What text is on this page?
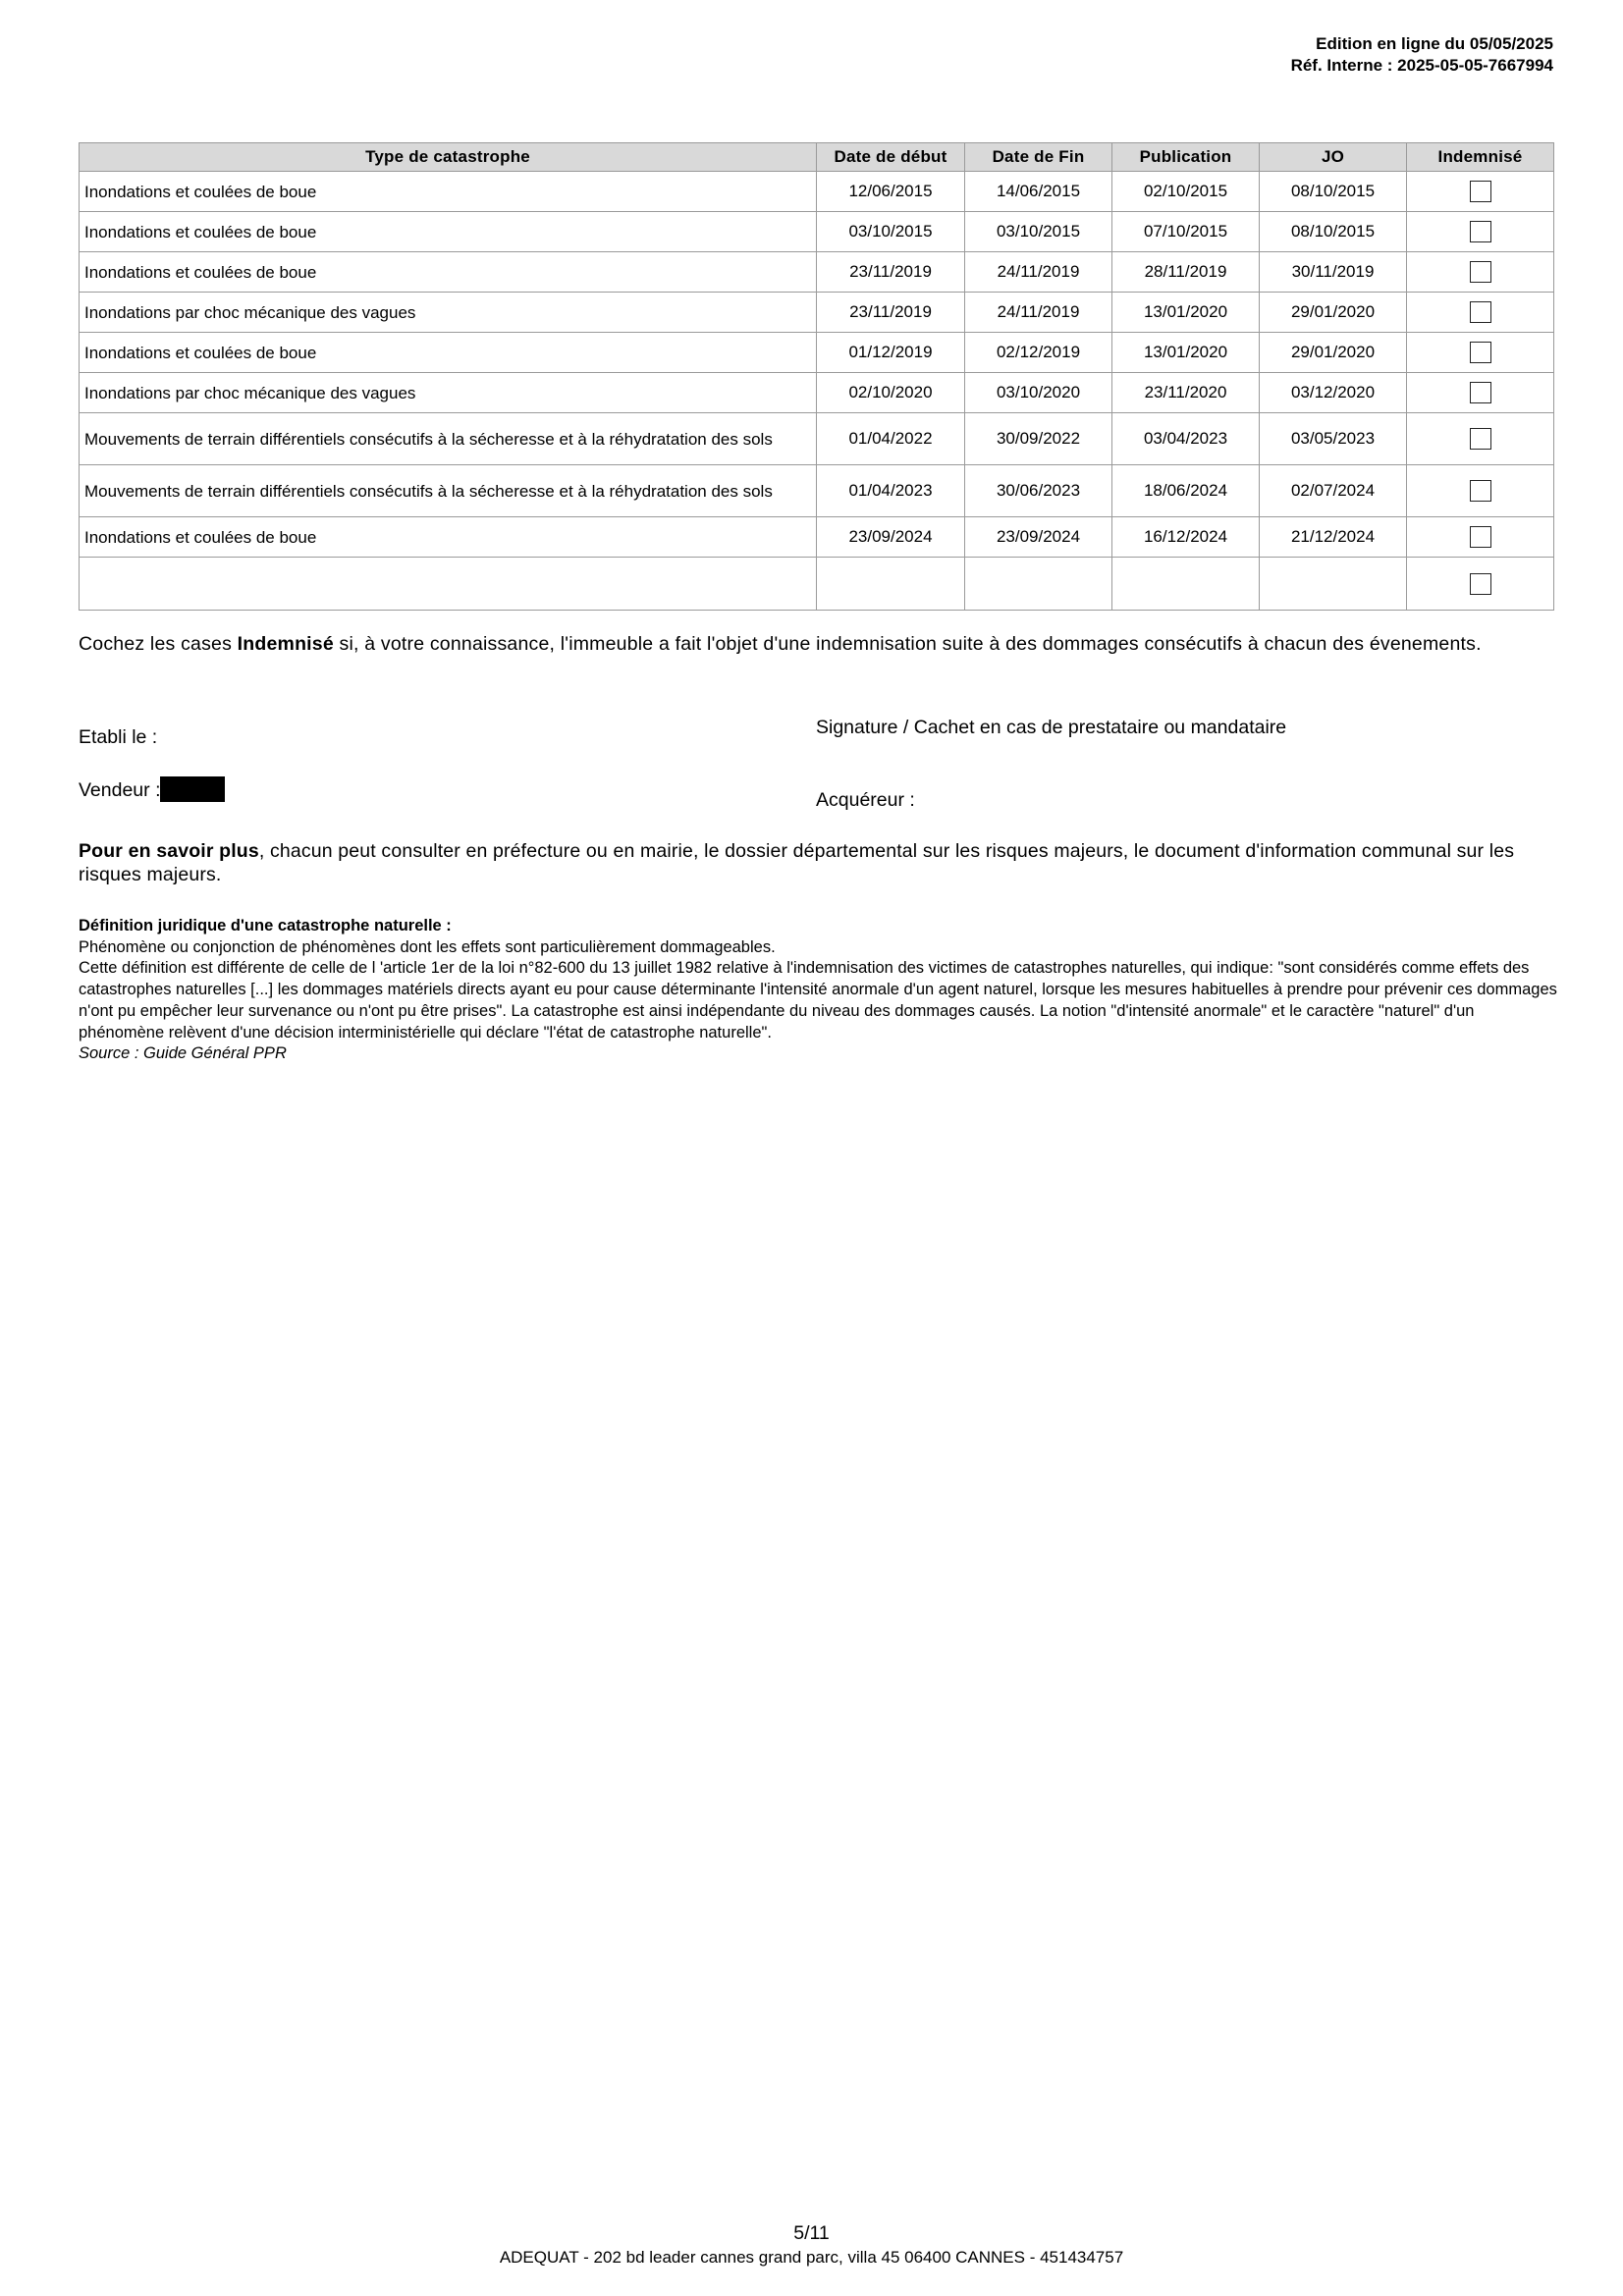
Edition en ligne du 05/05/2025
Réf. Interne : 2025-05-05-7667994
Type de catastrophe	Date de début	Date de Fin	Publication	JO	Indemnisé
Inondations et coulées de boue	12/06/2015	14/06/2015	02/10/2015	08/10/2015	
Inondations et coulées de boue	03/10/2015	03/10/2015	07/10/2015	08/10/2015	
Inondations et coulées de boue	23/11/2019	24/11/2019	28/11/2019	30/11/2019	
Inondations par choc mécanique des vagues	23/11/2019	24/11/2019	13/01/2020	29/01/2020	
Inondations et coulées de boue	01/12/2019	02/12/2019	13/01/2020	29/01/2020	
Inondations par choc mécanique des vagues	02/10/2020	03/10/2020	23/11/2020	03/12/2020	
Mouvements de terrain différentiels consécutifs à la sécheresse et à la réhydratation des sols	01/04/2022	30/09/2022	03/04/2023	03/05/2023	
Mouvements de terrain différentiels consécutifs à la sécheresse et à la réhydratation des sols	01/04/2023	30/06/2023	18/06/2024	02/07/2024	
Inondations et coulées de boue	23/09/2024	23/09/2024	16/12/2024	21/12/2024	

Cochez les cases Indemnisé si, à votre connaissance, l'immeuble a fait l'objet d'une indemnisation suite à des dommages consécutifs à chacun des évenements.
Etabli le :	Signature / Cachet en cas de prestataire ou mandataire
Vendeur :	Acquéreur :
Pour en savoir plus, chacun peut consulter en préfecture ou en mairie, le dossier départemental sur les risques majeurs, le document d'information communal sur les risques majeurs.
Définition juridique d'une catastrophe naturelle :
Phénomène ou conjonction de phénomènes dont les effets sont particulièrement dommageables.
Cette définition est différente de celle de l 'article 1er de la loi n°82-600 du 13 juillet 1982 relative à l'indemnisation des victimes de catastrophes naturelles, qui indique: "sont considérés comme effets des catastrophes naturelles [...] les dommages matériels directs ayant eu pour cause déterminante l'intensité anormale d'un agent naturel, lorsque les mesures habituelles à prendre pour prévenir ces dommages n'ont pu empêcher leur survenance ou n'ont pu être prises". La catastrophe est ainsi indépendante du niveau des dommages causés. La notion "d'intensité anormale" et le caractère "naturel" d'un phénomène relèvent d'une décision interministérielle qui déclare "l'état de catastrophe naturelle".
Source : Guide Général PPR
5/11
ADEQUAT - 202 bd leader cannes grand parc, villa 45 06400 CANNES - 451434757
